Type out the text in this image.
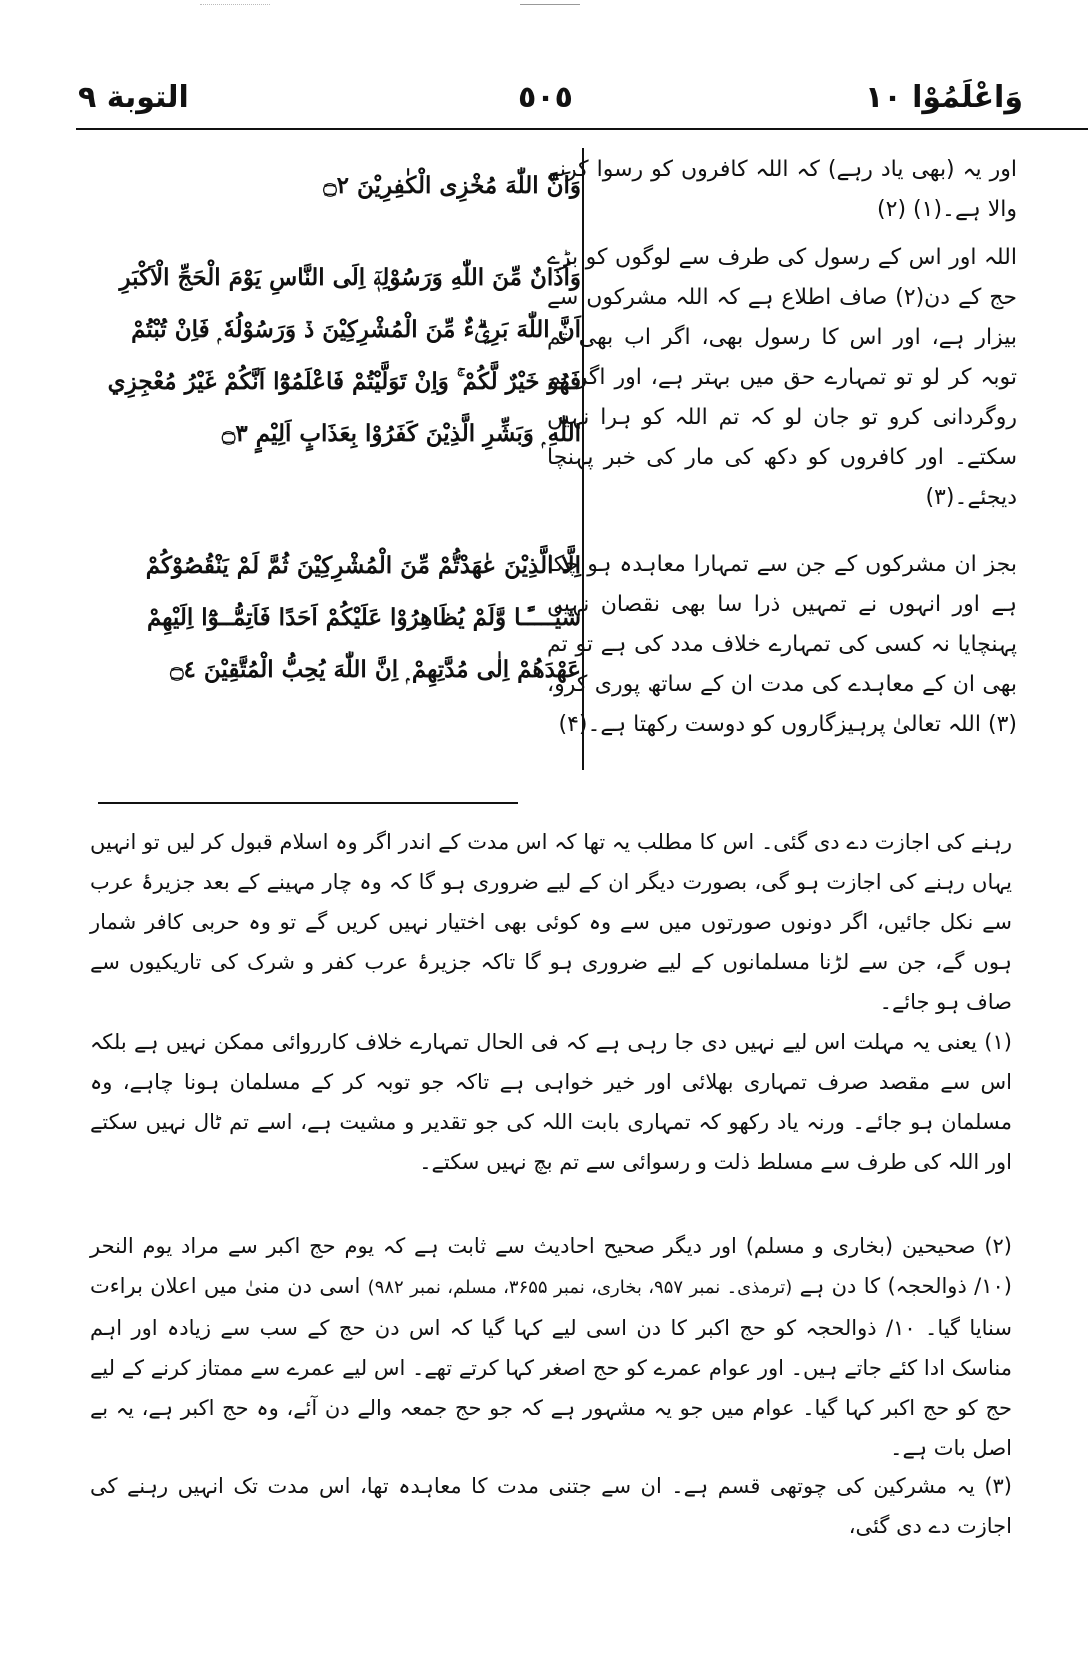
وَاعْلَمُوْا ١٠
٥٠٥
التوبة ٩
وَاَنَّ اللّٰهَ مُخْزِى الْكٰفِرِيْنَ ۝٢
وَاَذَانٌ مِّنَ اللّٰهِ وَرَسُوْلِهٖٓ اِلَى النَّاسِ يَوْمَ الْحَجِّ الْاَكْبَرِ اَنَّ اللّٰهَ بَرِيْۗءٌ مِّنَ الْمُشْرِكِيْنَ ڏ وَرَسُوْلُهٗ ۭ فَاِنْ تُبْتُمْ فَهُوَ خَيْرٌ لَّكُمْ ۚ وَاِنْ تَوَلَّيْتُمْ فَاعْلَمُوْٓا اَنَّكُمْ غَيْرُ مُعْجِزِي اللّٰهِ ۭ وَبَشِّرِ الَّذِيْنَ كَفَرُوْا بِعَذَابٍ اَلِيْمٍ ۝٣
اِلَّا الَّذِيْنَ عٰهَدْتُّمْ مِّنَ الْمُشْرِكِيْنَ ثُمَّ لَمْ يَنْقُصُوْكُمْ شَيْــــًٔـا وَّلَمْ يُظَاهِرُوْا عَلَيْكُمْ اَحَدًا فَاَتِمُّــوْٓا اِلَيْهِمْ عَهْدَهُمْ اِلٰى مُدَّتِهِمْ ۭ اِنَّ اللّٰهَ يُحِبُّ الْمُتَّقِيْنَ ۝٤
اور یہ (بھی یاد رہے) کہ اللہ کافروں کو رسوا کرنے والا ہے۔(۱) (۲)
اللہ اور اس کے رسول کی طرف سے لوگوں کو بڑے حج کے دن(۲) صاف اطلاع ہے کہ اللہ مشرکوں سے بیزار ہے، اور اس کا رسول بھی، اگر اب بھی تم توبہ کر لو تو تمہارے حق میں بہتر ہے، اور اگر تم روگردانی کرو تو جان لو کہ تم اللہ کو ہرا نہیں سکتے۔ اور کافروں کو دکھ کی مار کی خبر پہنچا دیجئے۔(۳)
بجز ان مشرکوں کے جن سے تمہارا معاہدہ ہو چکا ہے اور انہوں نے تمہیں ذرا سا بھی نقصان نہیں پہنچایا نہ کسی کی تمہارے خلاف مدد کی ہے تو تم بھی ان کے معاہدے کی مدت ان کے ساتھ پوری کرو،(۳) اللہ تعالیٰ پرہیزگاروں کو دوست رکھتا ہے۔(۴)
رہنے کی اجازت دے دی گئی۔ اس کا مطلب یہ تھا کہ اس مدت کے اندر اگر وہ اسلام قبول کر لیں تو انہیں یہاں رہنے کی اجازت ہو گی، بصورت دیگر ان کے لیے ضروری ہو گا کہ وہ چار مہینے کے بعد جزیرۂ عرب سے نکل جائیں، اگر دونوں صورتوں میں سے وہ کوئی بھی اختیار نہیں کریں گے تو وہ حربی کافر شمار ہوں گے، جن سے لڑنا مسلمانوں کے لیے ضروری ہو گا تاکہ جزیرۂ عرب کفر و شرک کی تاریکیوں سے صاف ہو جائے۔
(۱) یعنی یہ مہلت اس لیے نہیں دی جا رہی ہے کہ فی الحال تمہارے خلاف کارروائی ممکن نہیں ہے بلکہ اس سے مقصد صرف تمہاری بھلائی اور خیر خواہی ہے تاکہ جو توبہ کر کے مسلمان ہونا چاہے، وہ مسلمان ہو جائے۔ ورنہ یاد رکھو کہ تمہاری بابت اللہ کی جو تقدیر و مشیت ہے، اسے تم ٹال نہیں سکتے اور اللہ کی طرف سے مسلط ذلت و رسوائی سے تم بچ نہیں سکتے۔
(۲) صحیحین (بخاری و مسلم) اور دیگر صحیح احادیث سے ثابت ہے کہ یوم حج اکبر سے مراد یوم النحر (۱۰/ ذوالحجہ) کا دن ہے (ترمذی۔ نمبر ۹۵۷، بخاری، نمبر ۳۶۵۵، مسلم، نمبر ۹۸۲) اسی دن منیٰ میں اعلان براءت سنایا گیا۔ ۱۰/ ذوالحجہ کو حج اکبر کا دن اسی لیے کہا گیا کہ اس دن حج کے سب سے زیادہ اور اہم مناسک ادا کئے جاتے ہیں۔ اور عوام عمرے کو حج اصغر کہا کرتے تھے۔ اس لیے عمرے سے ممتاز کرنے کے لیے حج کو حج اکبر کہا گیا۔ عوام میں جو یہ مشہور ہے کہ جو حج جمعہ والے دن آئے، وہ حج اکبر ہے، یہ بے اصل بات ہے۔
(۳) یہ مشرکین کی چوتھی قسم ہے۔ ان سے جتنی مدت کا معاہدہ تھا، اس مدت تک انہیں رہنے کی اجازت دے دی گئی،
